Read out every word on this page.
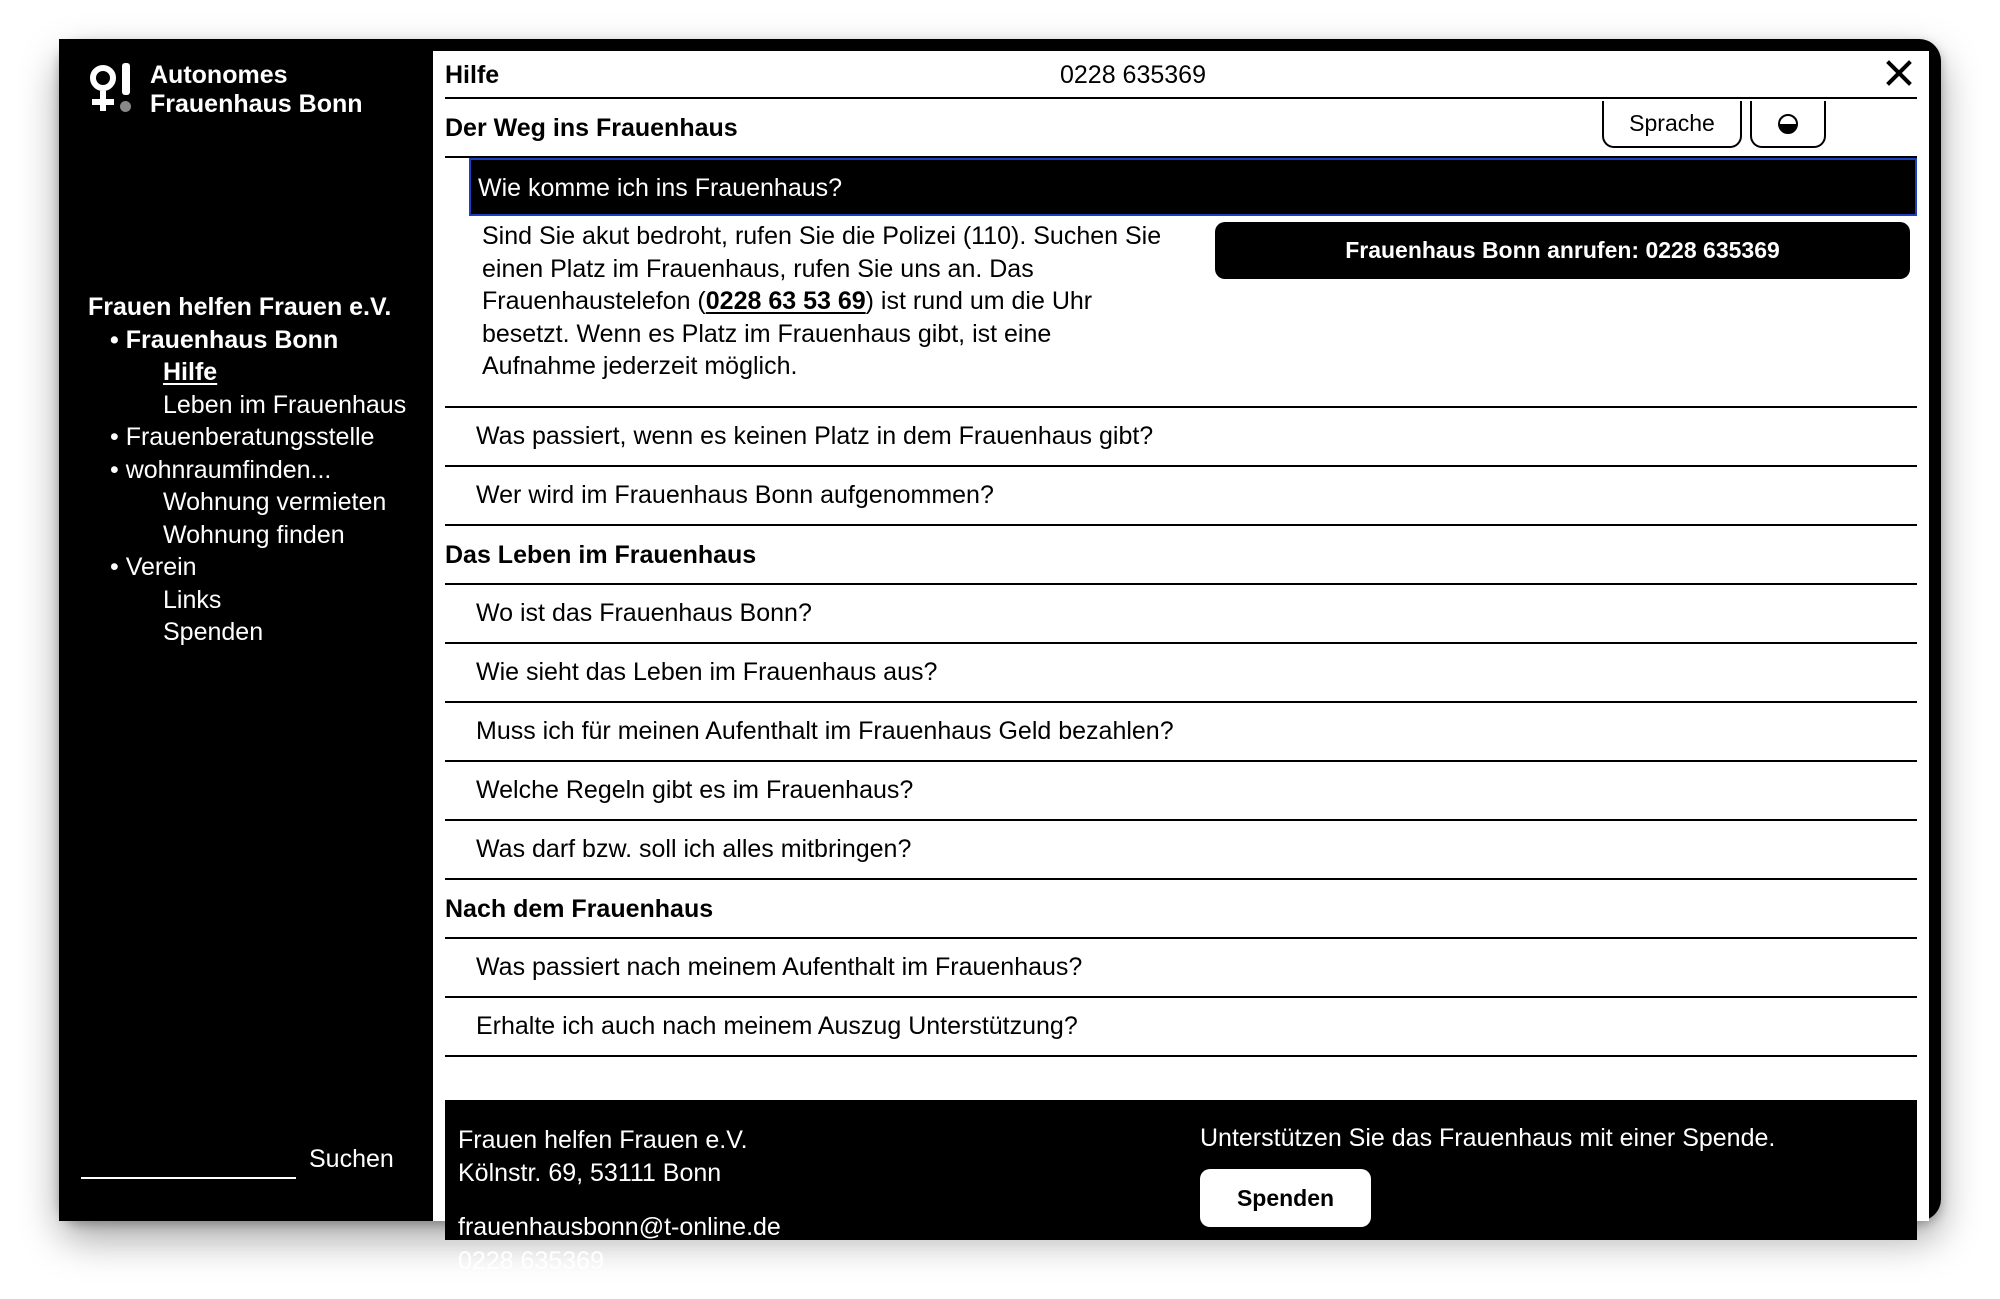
Autonomes
Frauenhaus Bonn
Frauen helfen Frauen e.V.
• Frauenhaus Bonn
Hilfe
Leben im Frauenhaus
• Frauenberatungsstelle
• wohnraumfinden...
Wohnung vermieten
Wohnung finden
• Verein
Links
Spenden
Suchen
Hilfe	0228 635369
Sprache
Der Weg ins Frauenhaus
Wie komme ich ins Frauenhaus?
Sind Sie akut bedroht, rufen Sie die Polizei (110). Suchen Sie einen Platz im Frauenhaus, rufen Sie uns an. Das Frauenhaustelefon (0228 63 53 69) ist rund um die Uhr besetzt. Wenn es Platz im Frauenhaus gibt, ist eine Aufnahme jederzeit möglich.
Frauenhaus Bonn anrufen: 0228 635369
Was passiert, wenn es keinen Platz in dem Frauenhaus gibt?
Wer wird im Frauenhaus Bonn aufgenommen?
Das Leben im Frauenhaus
Wo ist das Frauenhaus Bonn?
Wie sieht das Leben im Frauenhaus aus?
Muss ich für meinen Aufenthalt im Frauenhaus Geld bezahlen?
Welche Regeln gibt es im Frauenhaus?
Was darf bzw. soll ich alles mitbringen?
Nach dem Frauenhaus
Was passiert nach meinem Aufenthalt im Frauenhaus?
Erhalte ich auch nach meinem Auszug Unterstützung?
Frauen helfen Frauen e.V.
Kölnstr. 69, 53111 Bonn
frauenhausbonn@t-online.de
0228 635369
Unterstützen Sie das Frauenhaus mit einer Spende.
Spenden
